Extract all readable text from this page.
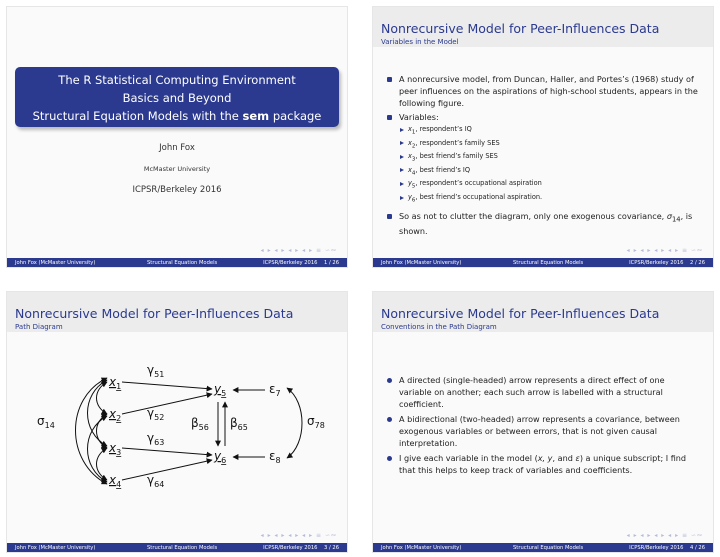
The R Statistical Computing Environment
Basics and Beyond
Structural Equation Models with the sem package
John Fox
McMaster University
ICPSR/Berkeley 2016
◂ ▸ ◂ ▸ ◂ ▸ ◂ ▸ ≡ ∽∾
John Fox (McMaster University)	Structural Equation Models	ICPSR/Berkeley 2016 1 / 26
Nonrecursive Model for Peer-Influences Data
Variables in the Model
A nonrecursive model, from Duncan, Haller, and Portes’s (1968) study of peer influences on the aspirations of high-school students, appears in the following figure.
Variables:
$x_1$, respondent’s IQ
$x_2$, respondent’s family SES
$x_3$, best friend’s family SES
$x_4$, best friend’s IQ
$y_5$, respondent’s occupational aspiration
$y_6$, best friend’s occupational aspiration.
So as not to clutter the diagram, only one exogenous covariance, $\sigma_{14}$, is shown.
◂ ▸ ◂ ▸ ◂ ▸ ◂ ▸ ≡ ∽∾
John Fox (McMaster University)	Structural Equation Models	ICPSR/Berkeley 2016 2 / 26
Nonrecursive Model for Peer-Influences Data
Path Diagram
$x_1$
$x_2$
$x_3$
$x_4$
$y_5$
$y_6$
$\varepsilon_7$
$\varepsilon_8$
$\gamma_{51}$
$\gamma_{52}$
$\gamma_{63}$
$\gamma_{64}$
$\beta_{56}$ $\beta_{65}$
$\sigma_{14}$	$\sigma_{78}$
◂ ▸ ◂ ▸ ◂ ▸ ◂ ▸ ≡ ∽∾
John Fox (McMaster University)	Structural Equation Models	ICPSR/Berkeley 2016 3 / 26
Nonrecursive Model for Peer-Influences Data
Conventions in the Path Diagram
A directed (single-headed) arrow represents a direct effect of one variable on another; each such arrow is labelled with a structural coefficient.
A bidirectional (two-headed) arrow represents a covariance, between exogenous variables or between errors, that is not given causal interpretation.
I give each variable in the model (x, y, and ε) a unique subscript; I find that this helps to keep track of variables and coefficients.
◂ ▸ ◂ ▸ ◂ ▸ ◂ ▸ ≡ ∽∾
John Fox (McMaster University)	Structural Equation Models	ICPSR/Berkeley 2016 4 / 26
